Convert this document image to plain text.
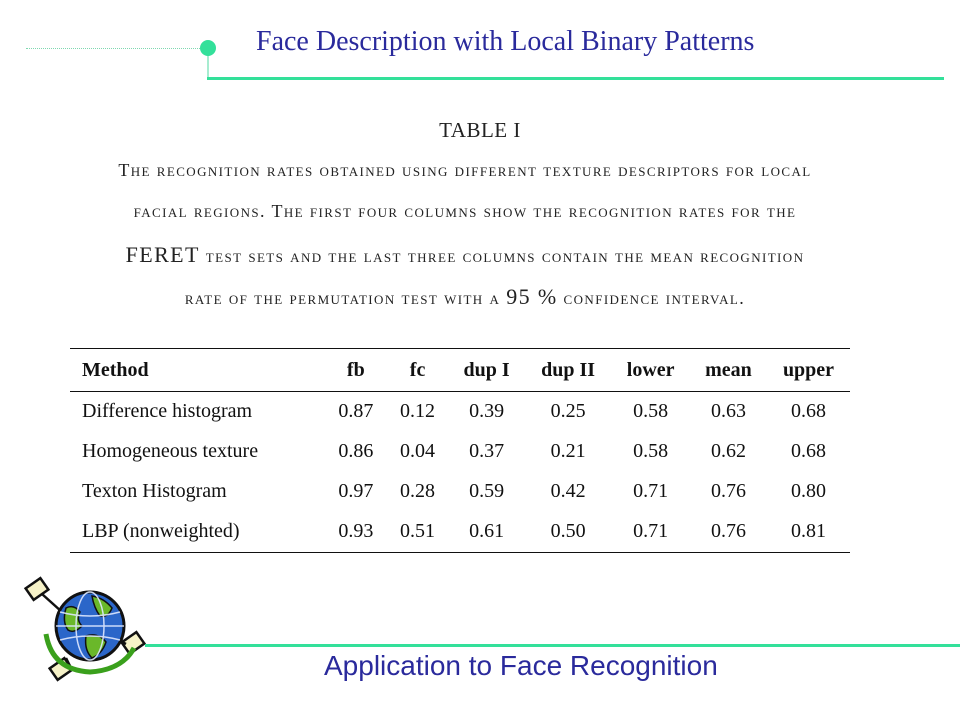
Face Description with Local Binary Patterns
TABLE I
The recognition rates obtained using different texture descriptors for local
facial regions. The first four columns show the recognition rates for the
FERET test sets and the last three columns contain the mean recognition
rate of the permutation test with a 95 % confidence interval.
Method	fb	fc	dup I	dup II	lower	mean	upper
Difference histogram	0.87	0.12	0.39	0.25	0.58	0.63	0.68
Homogeneous texture	0.86	0.04	0.37	0.21	0.58	0.62	0.68
Texton Histogram	0.97	0.28	0.59	0.42	0.71	0.76	0.80
LBP (nonweighted)	0.93	0.51	0.61	0.50	0.71	0.76	0.81
Application to Face Recognition
